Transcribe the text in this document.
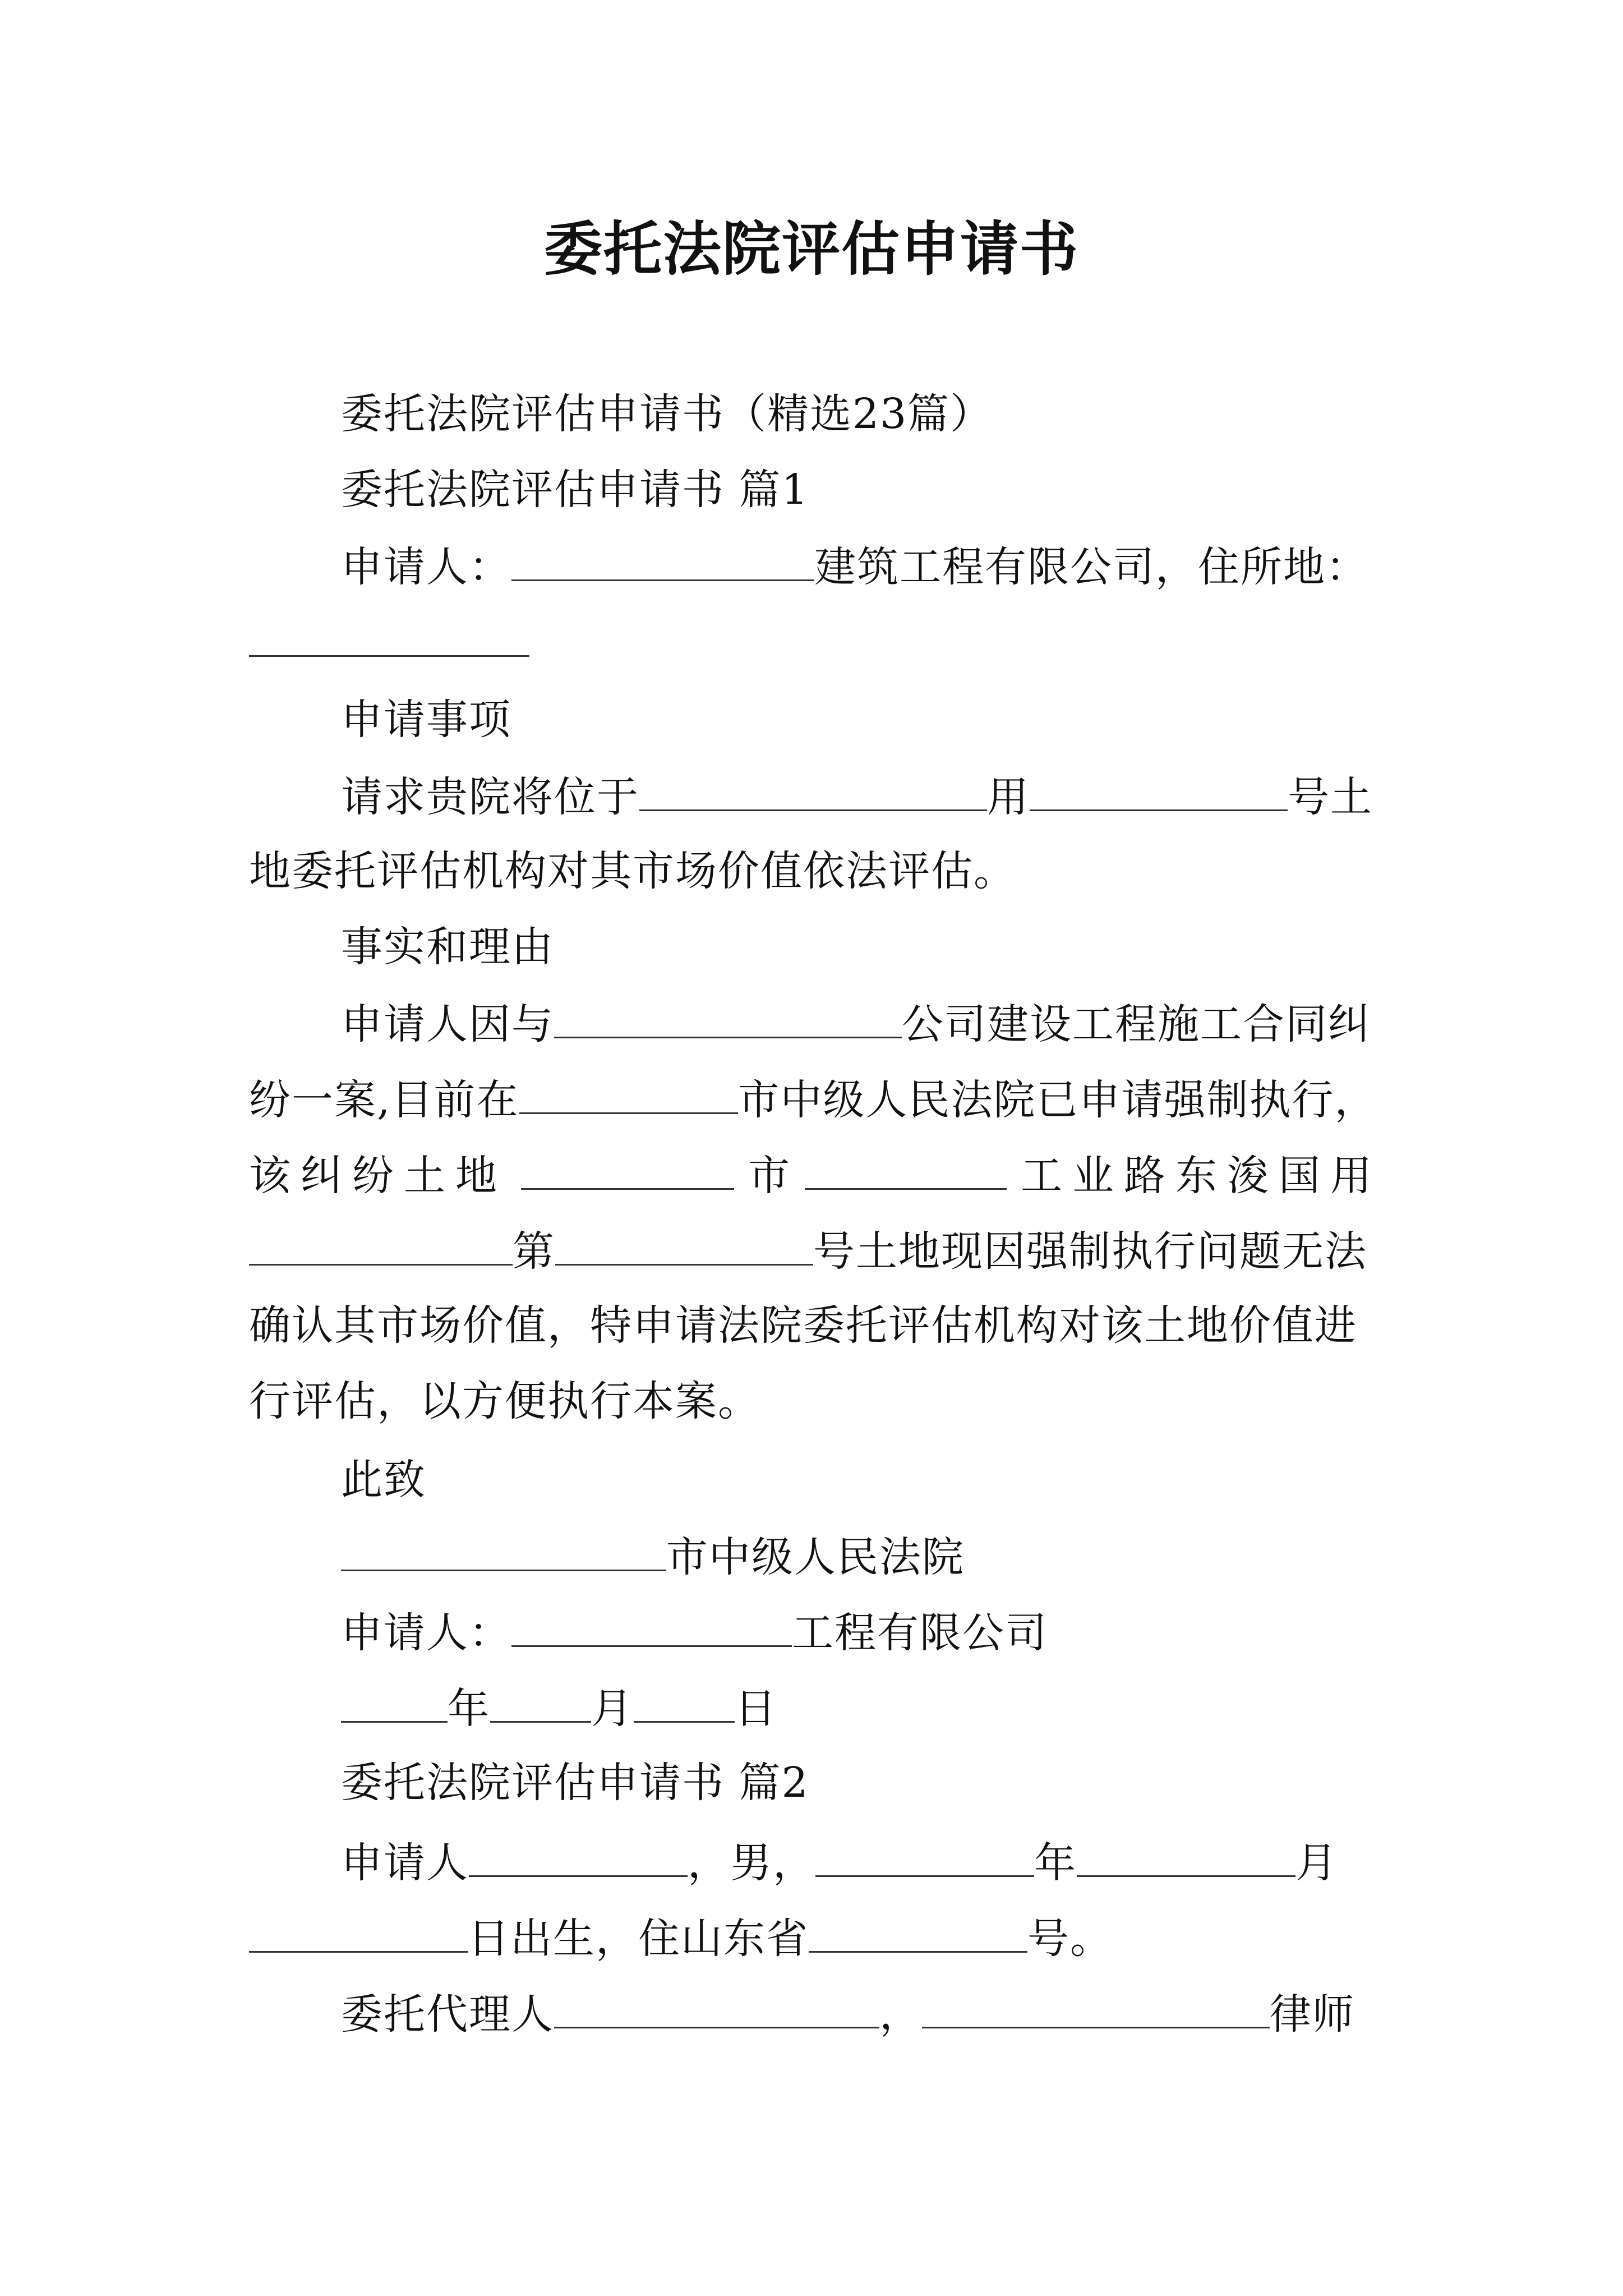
委托法院评估申请书
委托法院评估申请书（精选23篇）
委托法院评估申请书 篇1
申请人：	建筑工程有限公司，住所地：
申请事项
请求贵院将位于	用	号土
地委托评估机构对其市场价值依法评估。
事实和理由
申请人因与	公司建设工程施工合同纠
纷一案,目前在	市中级人民法院已申请强制执行，
该纠纷土地	市	工业路东浚国用
第	号土地现因强制执行问题无法
确认其市场价值，特申请法院委托评估机构对该土地价值进
行评估，以方便执行本案。
此致
市中级人民法院
申请人：	工程有限公司
年 月 日
委托法院评估申请书 篇2
申请人	，男，	年	月
日出生，住山东省	号。
委托代理人	，	律师
